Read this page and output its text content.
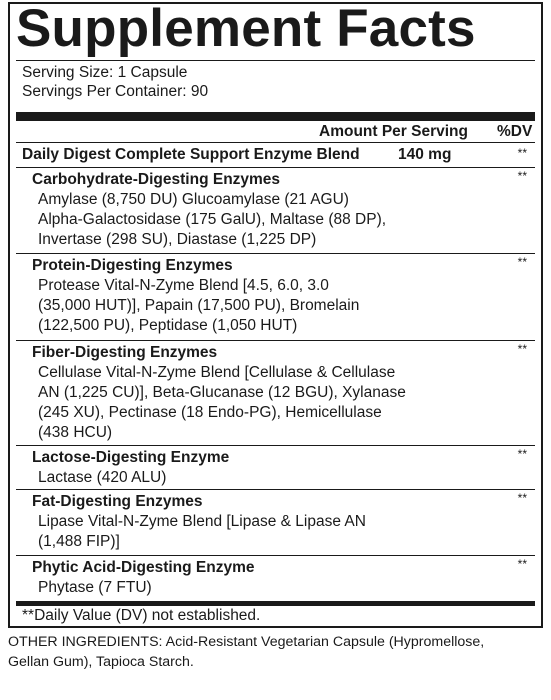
Supplement Facts
Serving Size: 1 Capsule
Servings Per Container: 90
Amount Per Serving %DV
Daily Digest Complete Support Enzyme Blend 140 mg	**
Carbohydrate-Digesting Enzymes	**
Amylase (8,750 DU) Glucoamylase (21 AGU)
Alpha-Galactosidase (175 GalU), Maltase (88 DP),
Invertase (298 SU), Diastase (1,225 DP)
Protein-Digesting Enzymes	**
Protease Vital-N-Zyme Blend [4.5, 6.0, 3.0
(35,000 HUT)], Papain (17,500 PU), Bromelain
(122,500 PU), Peptidase (1,050 HUT)
Fiber-Digesting Enzymes	**
Cellulase Vital-N-Zyme Blend [Cellulase & Cellulase
AN (1,225 CU)], Beta-Glucanase (12 BGU), Xylanase
(245 XU), Pectinase (18 Endo-PG), Hemicellulase
(438 HCU)
Lactose-Digesting Enzyme	**
Lactase (420 ALU)
Fat-Digesting Enzymes	**
Lipase Vital-N-Zyme Blend [Lipase & Lipase AN
(1,488 FIP)]
Phytic Acid-Digesting Enzyme	**
Phytase (7 FTU)
**Daily Value (DV) not established.
OTHER INGREDIENTS: Acid-Resistant Vegetarian Capsule (Hypromellose,
Gellan Gum), Tapioca Starch.
